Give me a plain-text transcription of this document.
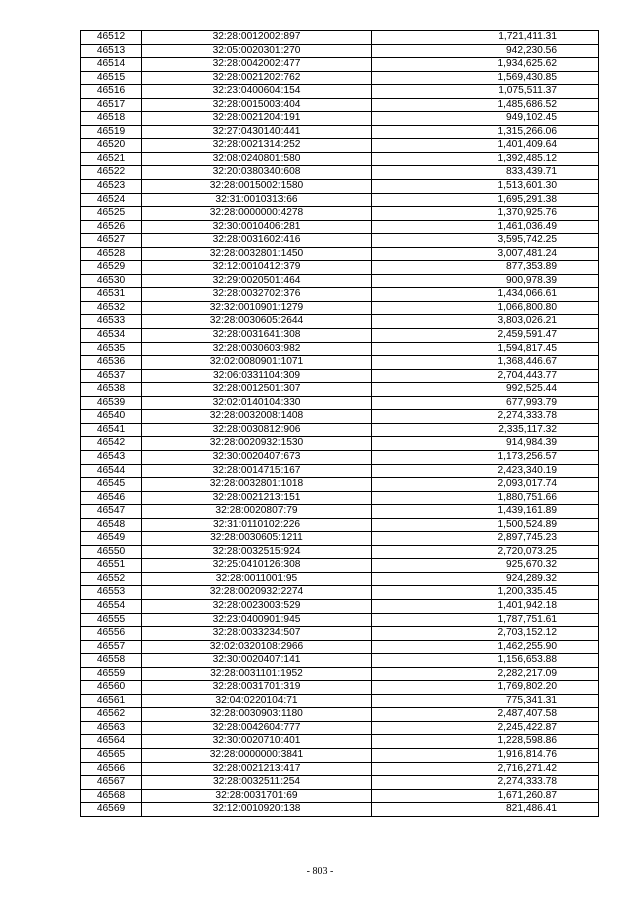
46512	32:28:0012002:897	1,721,411.31
46513	32:05:0020301:270	942,230.56
46514	32:28:0042002:477	1,934,625.62
46515	32:28:0021202:762	1,569,430.85
46516	32:23:0400604:154	1,075,511.37
46517	32:28:0015003:404	1,485,686.52
46518	32:28:0021204:191	949,102.45
46519	32:27:0430140:441	1,315,266.06
46520	32:28:0021314:252	1,401,409.64
46521	32:08:0240801:580	1,392,485.12
46522	32:20:0380340:608	833,439.71
46523	32:28:0015002:1580	1,513,601.30
46524	32:31:0010313:66	1,695,291.38
46525	32:28:0000000:4278	1,370,925.76
46526	32:30:0010406:281	1,461,036.49
46527	32:28:0031602:416	3,595,742.25
46528	32:28:0032801:1450	3,007,481.24
46529	32:12:0010412:379	877,353.89
46530	32:29:0020501:464	900,978.39
46531	32:28:0032702:376	1,434,066.61
46532	32:32:0010901:1279	1,066,800.80
46533	32:28:0030605:2644	3,803,026.21
46534	32:28:0031641:308	2,459,591.47
46535	32:28:0030603:982	1,594,817.45
46536	32:02:0080901:1071	1,368,446.67
46537	32:06:0331104:309	2,704,443.77
46538	32:28:0012501:307	992,525.44
46539	32:02:0140104:330	677,993.79
46540	32:28:0032008:1408	2,274,333.78
46541	32:28:0030812:906	2,335,117.32
46542	32:28:0020932:1530	914,984.39
46543	32:30:0020407:673	1,173,256.57
46544	32:28:0014715:167	2,423,340.19
46545	32:28:0032801:1018	2,093,017.74
46546	32:28:0021213:151	1,880,751.66
46547	32:28:0020807:79	1,439,161.89
46548	32:31:0110102:226	1,500,524.89
46549	32:28:0030605:1211	2,897,745.23
46550	32:28:0032515:924	2,720,073.25
46551	32:25:0410126:308	925,670.32
46552	32:28:0011001:95	924,289.32
46553	32:28:0020932:2274	1,200,335.45
46554	32:28:0023003:529	1,401,942.18
46555	32:23:0400901:945	1,787,751.61
46556	32:28:0033234:507	2,703,152.12
46557	32:02:0320108:2966	1,462,255.90
46558	32:30:0020407:141	1,156,653.88
46559	32:28:0031101:1952	2,282,217.09
46560	32:28:0031701:319	1,769,802.20
46561	32:04:0220104:71	775,341.31
46562	32:28:0030903:1180	2,487,407.58
46563	32:28:0042604:777	2,245,422.87
46564	32:30:0020710:401	1,228,598.86
46565	32:28:0000000:3841	1,916,814.76
46566	32:28:0021213:417	2,716,271.42
46567	32:28:0032511:254	2,274,333.78
46568	32:28:0031701:69	1,671,260.87
46569	32:12:0010920:138	821,486.41
- 803 -
